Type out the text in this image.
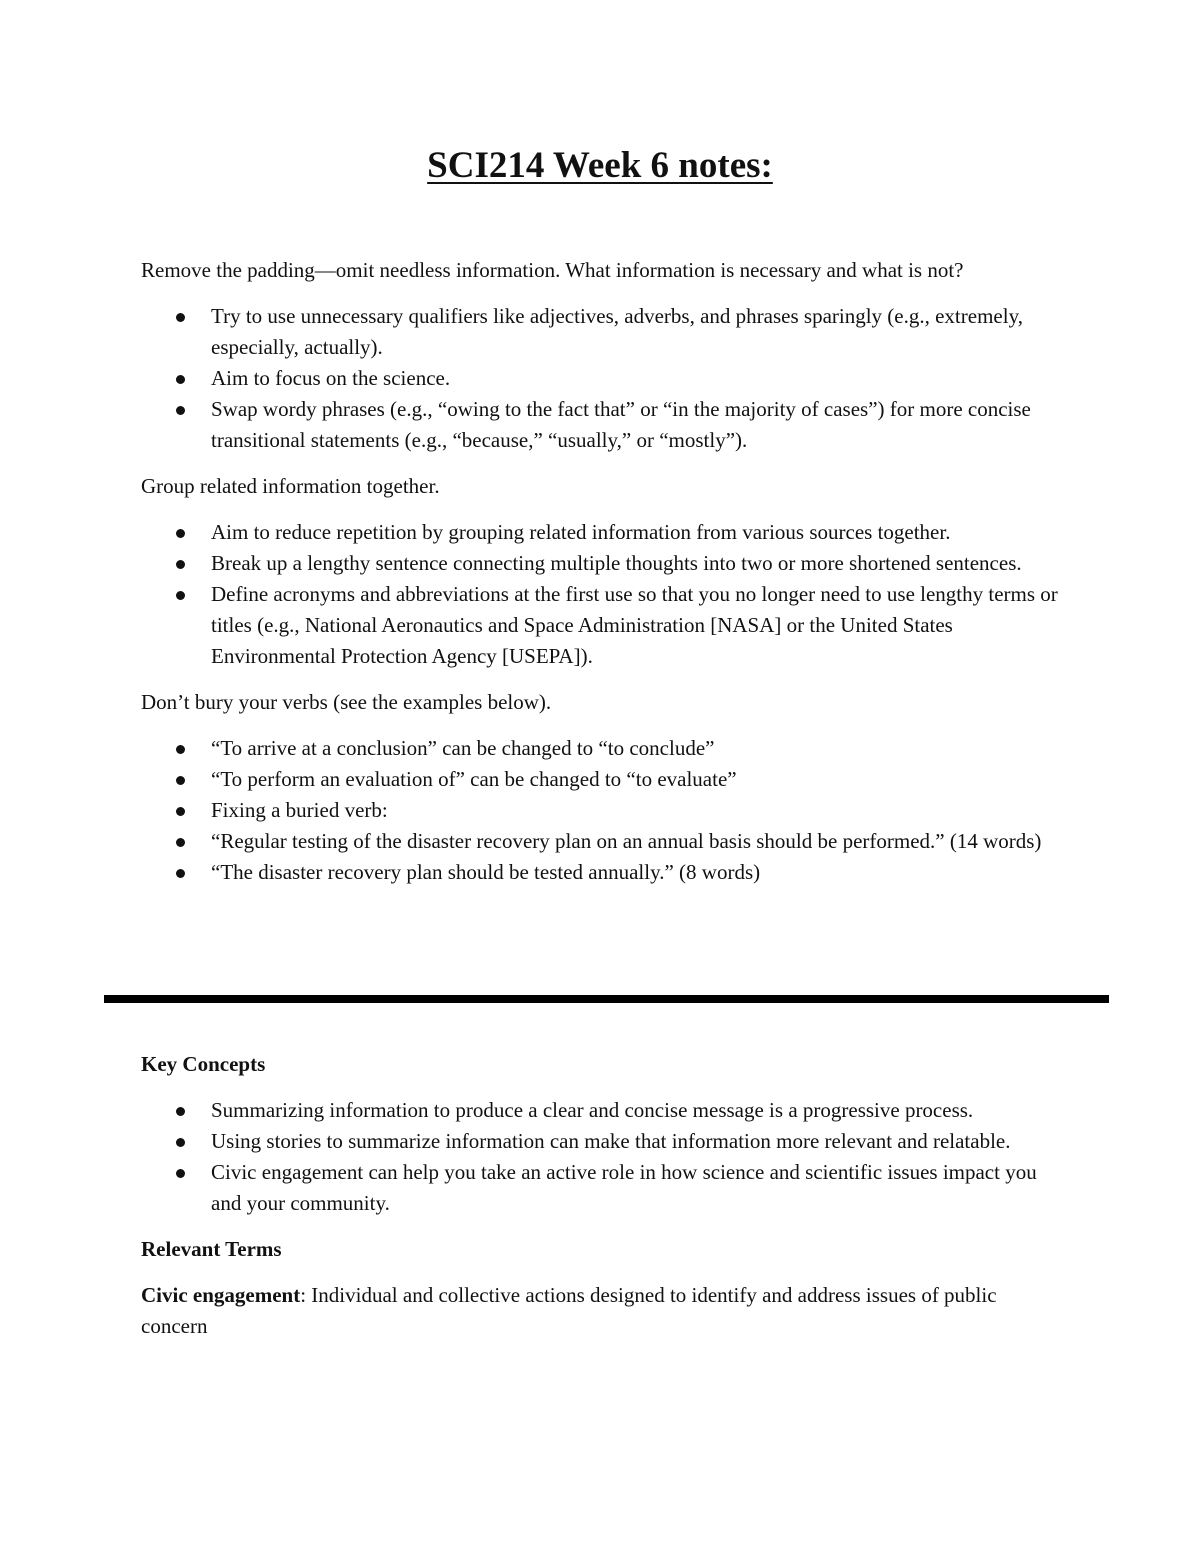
SCI214 Week 6 notes:

Remove the padding—omit needless information. What information is necessary and what is not?

Try to use unnecessary qualifiers like adjectives, adverbs, and phrases sparingly (e.g., extremely, especially, actually).
Aim to focus on the science.
Swap wordy phrases (e.g., “owing to the fact that” or “in the majority of cases”) for more concise transitional statements (e.g., “because,” “usually,” or “mostly”).

Group related information together.

Aim to reduce repetition by grouping related information from various sources together.
Break up a lengthy sentence connecting multiple thoughts into two or more shortened sentences.
Define acronyms and abbreviations at the first use so that you no longer need to use lengthy terms or titles (e.g., National Aeronautics and Space Administration [NASA] or the United States Environmental Protection Agency [USEPA]).

Don’t bury your verbs (see the examples below).

“To arrive at a conclusion” can be changed to “to conclude”
“To perform an evaluation of” can be changed to “to evaluate”
Fixing a buried verb:
“Regular testing of the disaster recovery plan on an annual basis should be performed.” (14 words)
“The disaster recovery plan should be tested annually.” (8 words)

Key Concepts

Summarizing information to produce a clear and concise message is a progressive process.
Using stories to summarize information can make that information more relevant and relatable.
Civic engagement can help you take an active role in how science and scientific issues impact you and your community.

Relevant Terms

Civic engagement: Individual and collective actions designed to identify and address issues of public concern
